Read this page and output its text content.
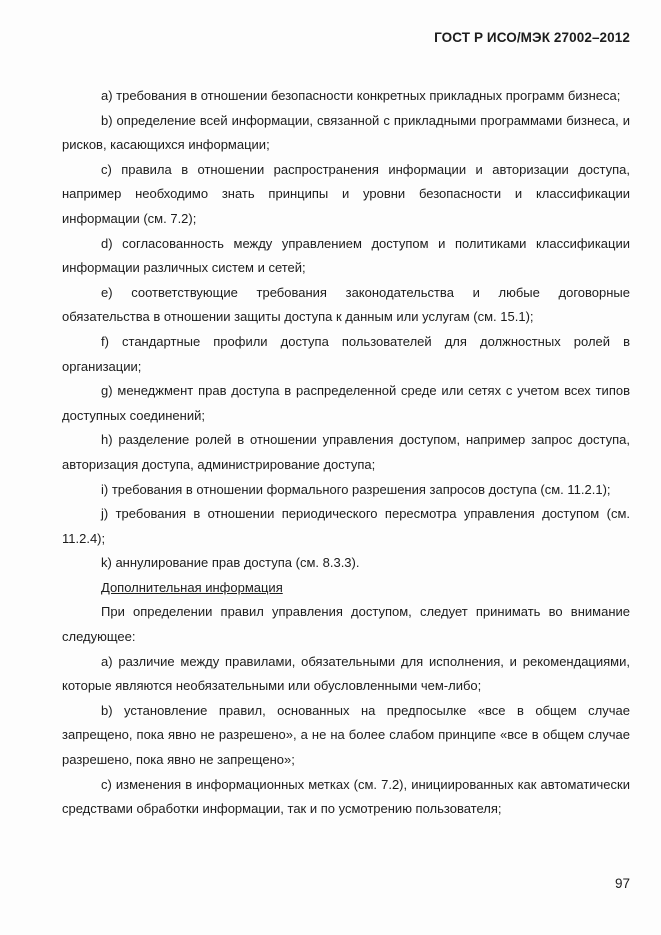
ГОСТ Р ИСО/МЭК 27002–2012

a) требования в отношении безопасности конкретных прикладных программ бизнеса;

b) определение всей информации, связанной с прикладными программами бизнеса, и рисков, касающихся информации;

c) правила в отношении распространения информации и авторизации доступа, например необходимо знать принципы и уровни безопасности и классификации информации (см. 7.2);

d) согласованность между управлением доступом и политиками классификации информации различных систем и сетей;

e) соответствующие требования законодательства и любые договорные обязательства в отношении защиты доступа к данным или услугам (см. 15.1);

f) стандартные профили доступа пользователей для должностных ролей в организации;

g) менеджмент прав доступа в распределенной среде или сетях с учетом всех типов доступных соединений;

h) разделение ролей в отношении управления доступом, например запрос доступа, авторизация доступа, администрирование доступа;

i) требования в отношении формального разрешения запросов доступа (см. 11.2.1);

j) требования в отношении периодического пересмотра управления доступом (см. 11.2.4);

k) аннулирование прав доступа (см. 8.3.3).

Дополнительная информация

При определении правил управления доступом, следует принимать во внимание следующее:

a) различие между правилами, обязательными для исполнения, и рекомендациями, которые являются необязательными или обусловленными чем-либо;

b) установление правил, основанных на предпосылке «все в общем случае запрещено, пока явно не разрешено», а не на более слабом принципе «все в общем случае разрешено, пока явно не запрещено»;

c) изменения в информационных метках (см. 7.2), инициированных как автоматически средствами обработки информации, так и по усмотрению пользователя;

97
